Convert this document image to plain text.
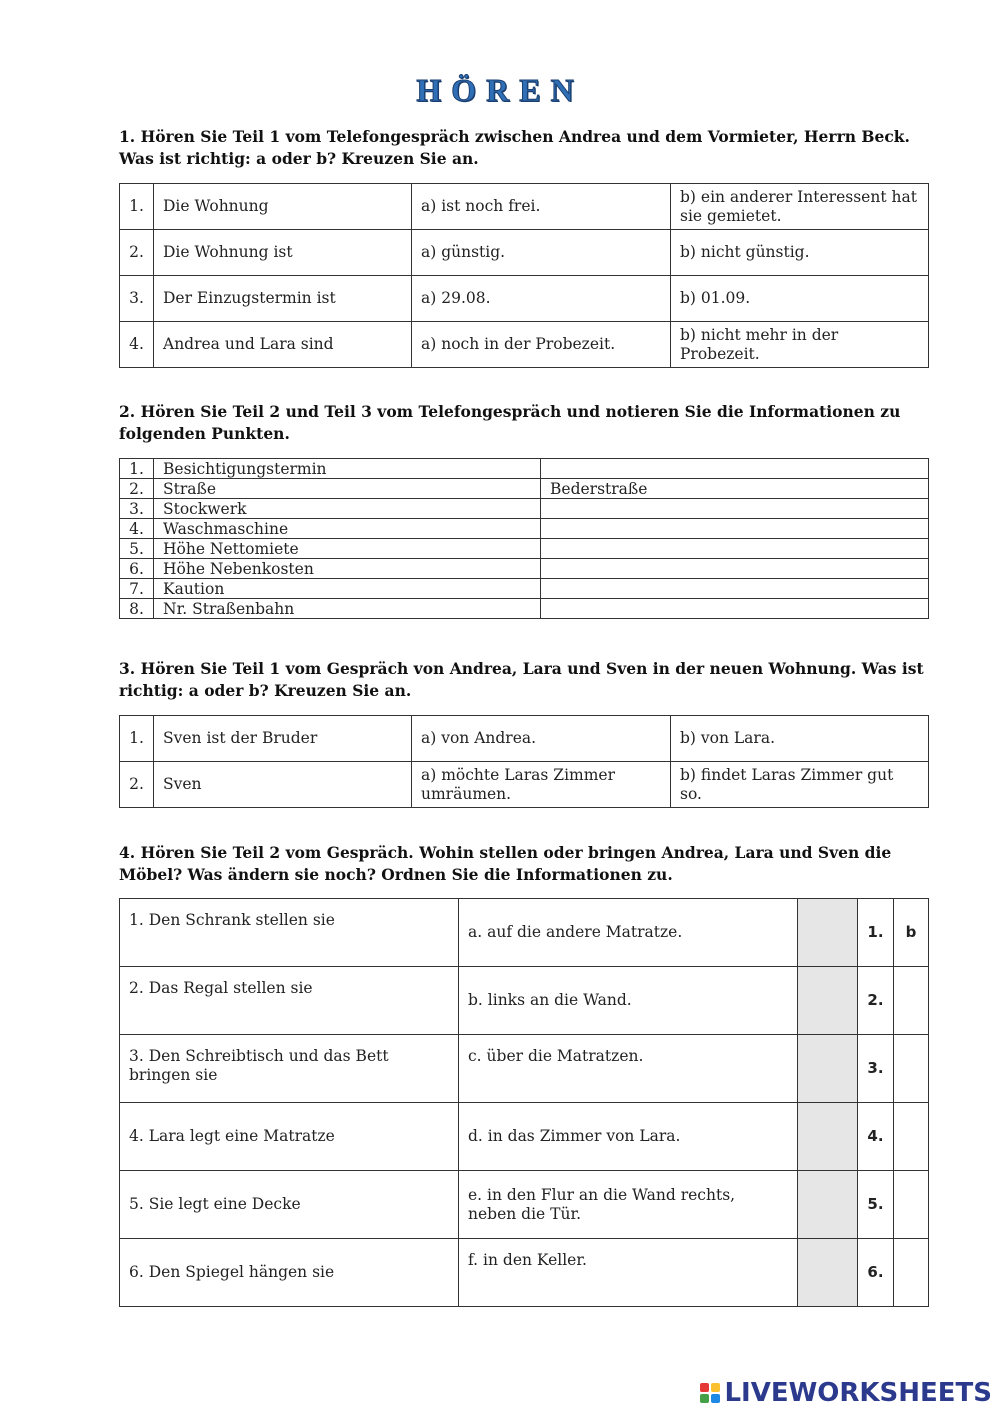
HÖREN
1. Hören Sie Teil 1 vom Telefongespräch zwischen Andrea und dem Vormieter, Herrn Beck. Was ist richtig: a oder b? Kreuzen Sie an.
1.	Die Wohnung	a) ist noch frei.	b) ein anderer Interessent hat sie gemietet.
2.	Die Wohnung ist	a) günstig.	b) nicht günstig.
3.	Der Einzugstermin ist	a) 29.08.	b) 01.09.
4.	Andrea und Lara sind	a) noch in der Probezeit.	b) nicht mehr in der Probezeit.
2. Hören Sie Teil 2 und Teil 3 vom Telefongespräch und notieren Sie die Informationen zu folgenden Punkten.
1.	Besichtigungstermin	
2.	Straße	Bederstraße
3.	Stockwerk	
4.	Waschmaschine	
5.	Höhe Nettomiete	
6.	Höhe Nebenkosten	
7.	Kaution	
8.	Nr. Straßenbahn	
3. Hören Sie Teil 1 vom Gespräch von Andrea, Lara und Sven in der neuen Wohnung. Was ist richtig: a oder b? Kreuzen Sie an.
1.	Sven ist der Bruder	a) von Andrea.	b) von Lara.
2.	Sven	a) möchte Laras Zimmer umräumen.	b) findet Laras Zimmer gut so.
4. Hören Sie Teil 2 vom Gespräch. Wohin stellen oder bringen Andrea, Lara und Sven die Möbel? Was ändern sie noch? Ordnen Sie die Informationen zu.
1. Den Schrank stellen sie	a. auf die andere Matratze.		1.	b
2. Das Regal stellen sie	b. links an die Wand.		2.	
3. Den Schreibtisch und das Bett bringen sie	c. über die Matratzen.		3.	
4. Lara legt eine Matratze	d. in das Zimmer von Lara.		4.	
5. Sie legt eine Decke	e. in den Flur an die Wand rechts, neben die Tür.		5.	
6. Den Spiegel hängen sie	f. in den Keller.		6.	
LIVEWORKSHEETS
